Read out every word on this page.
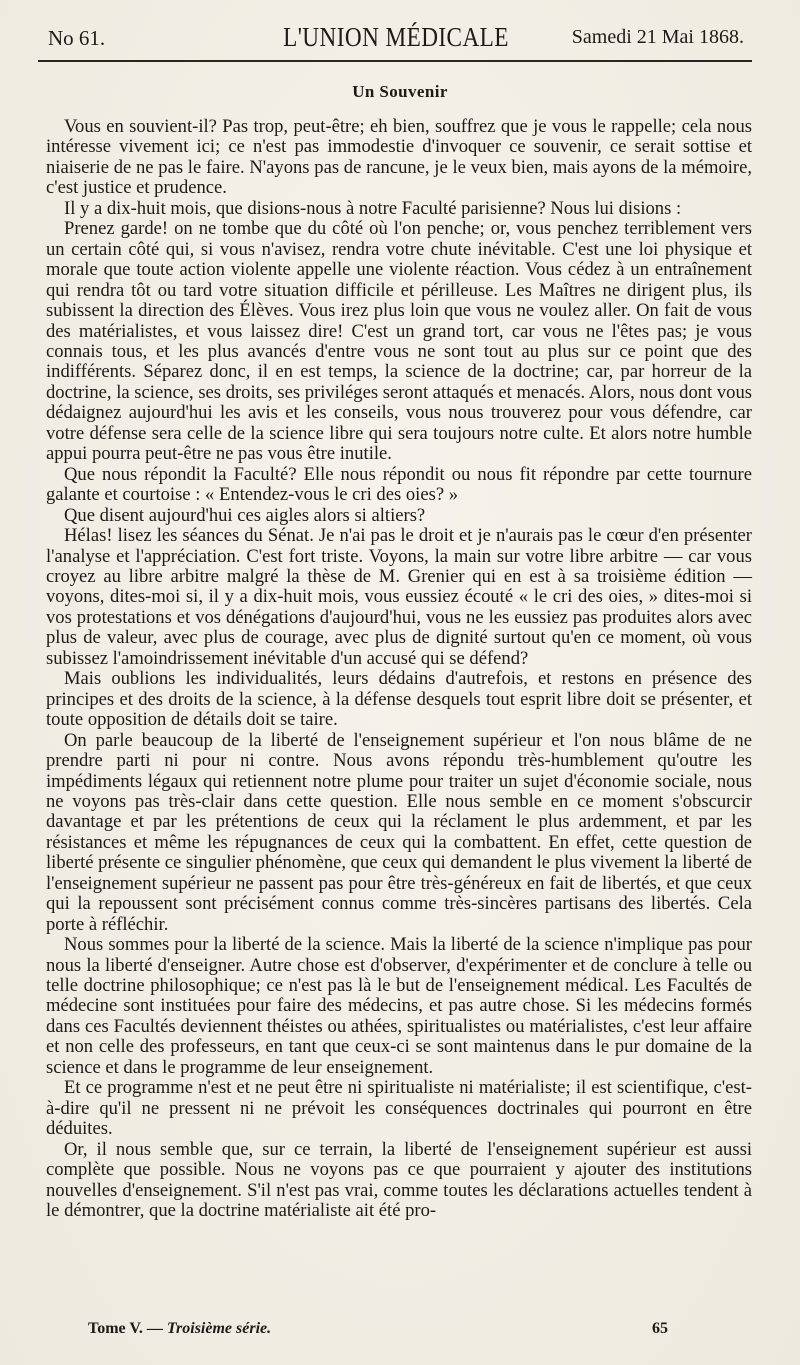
No 61.	L'UNION MÉDICALE	Samedi 21 Mai 1868.
Un Souvenir

Vous en souvient-il? Pas trop, peut-être; eh bien, souffrez que je vous le rappelle; cela nous intéresse vivement ici; ce n'est pas immodestie d'invoquer ce souvenir, ce serait sottise et niaiserie de ne pas le faire. N'ayons pas de rancune, je le veux bien, mais ayons de la mémoire, c'est justice et prudence.

Il y a dix-huit mois, que disions-nous à notre Faculté parisienne? Nous lui disions :

Prenez garde! on ne tombe que du côté où l'on penche; or, vous penchez terriblement vers un certain côté qui, si vous n'avisez, rendra votre chute inévitable. C'est une loi physique et morale que toute action violente appelle une violente réaction. Vous cédez à un entraînement qui rendra tôt ou tard votre situation difficile et périlleuse. Les Maîtres ne dirigent plus, ils subissent la direction des Élèves. Vous irez plus loin que vous ne voulez aller. On fait de vous des matérialistes, et vous laissez dire! C'est un grand tort, car vous ne l'êtes pas; je vous connais tous, et les plus avancés d'entre vous ne sont tout au plus sur ce point que des indifférents. Séparez donc, il en est temps, la science de la doctrine; car, par horreur de la doctrine, la science, ses droits, ses priviléges seront attaqués et menacés. Alors, nous dont vous dédaignez aujourd'hui les avis et les conseils, vous nous trouverez pour vous défendre, car votre défense sera celle de la science libre qui sera toujours notre culte. Et alors notre humble appui pourra peut-être ne pas vous être inutile.

Que nous répondit la Faculté? Elle nous répondit ou nous fit répondre par cette tournure galante et courtoise : « Entendez-vous le cri des oies? »

Que disent aujourd'hui ces aigles alors si altiers?

Hélas! lisez les séances du Sénat. Je n'ai pas le droit et je n'aurais pas le cœur d'en présenter l'analyse et l'appréciation. C'est fort triste. Voyons, la main sur votre libre arbitre — car vous croyez au libre arbitre malgré la thèse de M. Grenier qui en est à sa troisième édition — voyons, dites-moi si, il y a dix-huit mois, vous eussiez écouté « le cri des oies, » dites-moi si vos protestations et vos dénégations d'aujourd'hui, vous ne les eussiez pas produites alors avec plus de valeur, avec plus de courage, avec plus de dignité surtout qu'en ce moment, où vous subissez l'amoindrissement inévitable d'un accusé qui se défend?

Mais oublions les individualités, leurs dédains d'autrefois, et restons en présence des principes et des droits de la science, à la défense desquels tout esprit libre doit se présenter, et toute opposition de détails doit se taire.

On parle beaucoup de la liberté de l'enseignement supérieur et l'on nous blâme de ne prendre parti ni pour ni contre. Nous avons répondu très-humblement qu'outre les impédiments légaux qui retiennent notre plume pour traiter un sujet d'économie sociale, nous ne voyons pas très-clair dans cette question. Elle nous semble en ce moment s'obscurcir davantage et par les prétentions de ceux qui la réclament le plus ardemment, et par les résistances et même les répugnances de ceux qui la combattent. En effet, cette question de liberté présente ce singulier phénomène, que ceux qui demandent le plus vivement la liberté de l'enseignement supérieur ne passent pas pour être très-généreux en fait de libertés, et que ceux qui la repoussent sont précisément connus comme très-sincères partisans des libertés. Cela porte à réfléchir.

Nous sommes pour la liberté de la science. Mais la liberté de la science n'implique pas pour nous la liberté d'enseigner. Autre chose est d'observer, d'expérimenter et de conclure à telle ou telle doctrine philosophique; ce n'est pas là le but de l'enseignement médical. Les Facultés de médecine sont instituées pour faire des médecins, et pas autre chose. Si les médecins formés dans ces Facultés deviennent théistes ou athées, spiritualistes ou matérialistes, c'est leur affaire et non celle des professeurs, en tant que ceux-ci se sont maintenus dans le pur domaine de la science et dans le programme de leur enseignement.

Et ce programme n'est et ne peut être ni spiritualiste ni matérialiste; il est scientifique, c'est-à-dire qu'il ne pressent ni ne prévoit les conséquences doctrinales qui pourront en être déduites.

Or, il nous semble que, sur ce terrain, la liberté de l'enseignement supérieur est aussi complète que possible. Nous ne voyons pas ce que pourraient y ajouter des institutions nouvelles d'enseignement. S'il n'est pas vrai, comme toutes les déclarations actuelles tendent à le démontrer, que la doctrine matérialiste ait été pro-

Tome V. — Troisième série.	65
